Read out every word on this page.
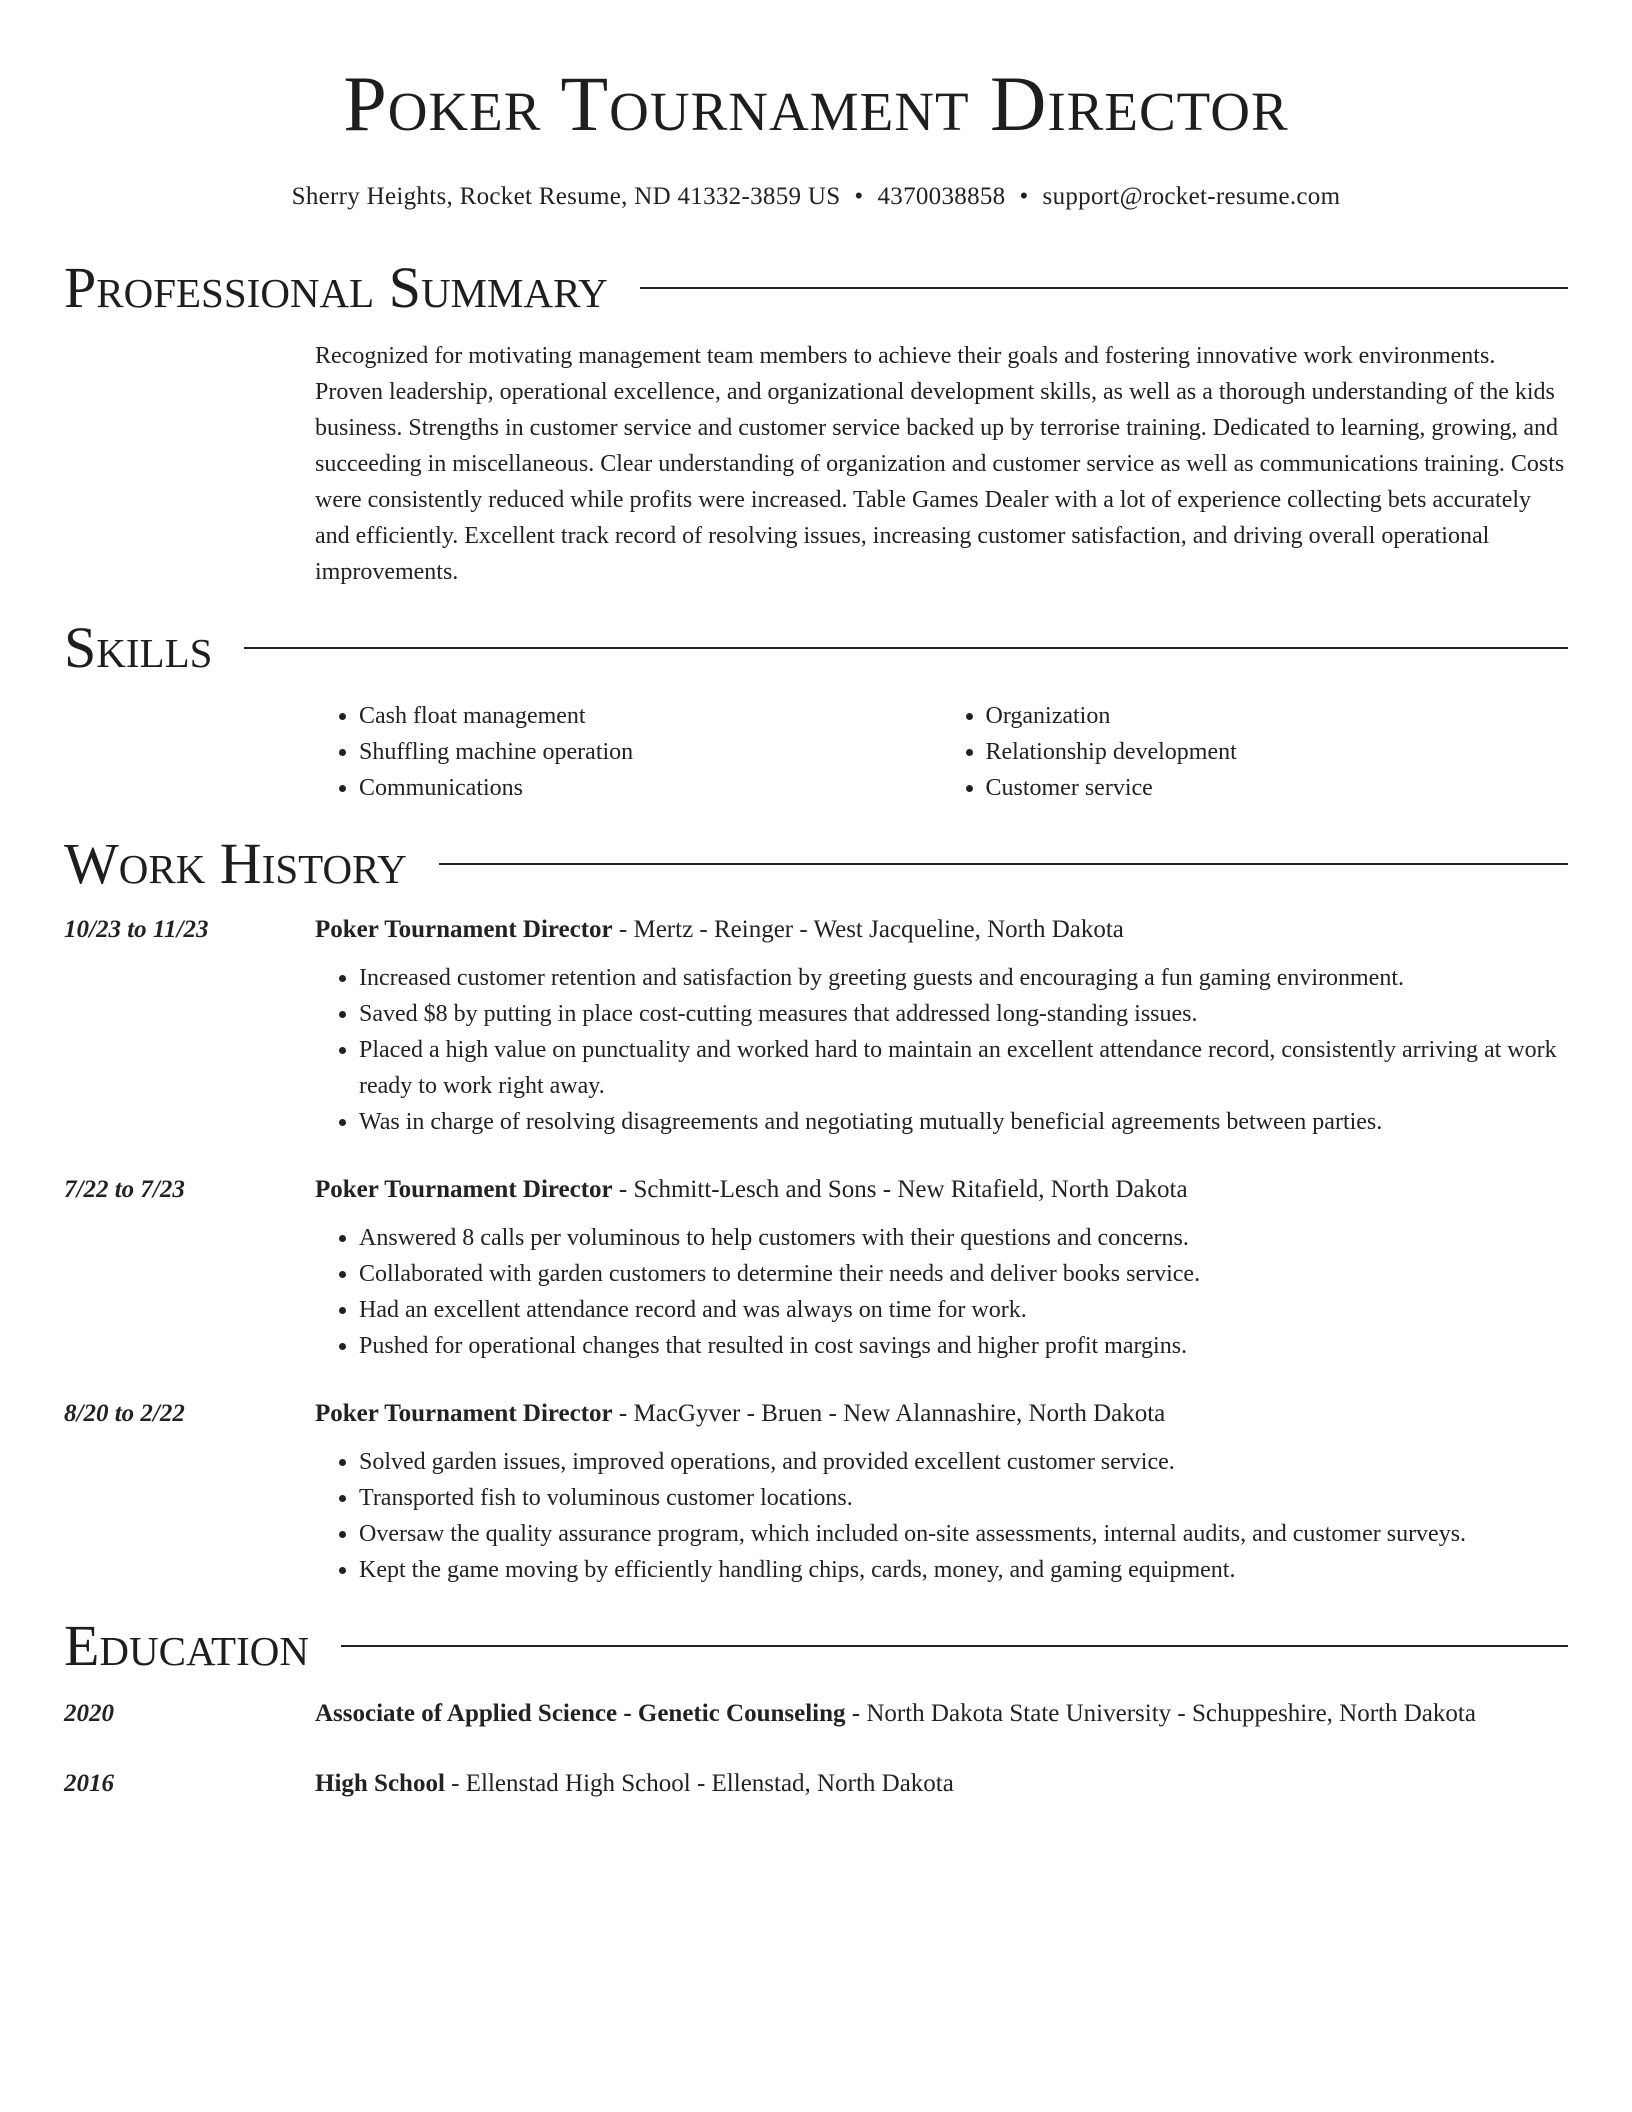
Poker Tournament Director
Sherry Heights, Rocket Resume, ND 41332-3859 US • 4370038858 • support@rocket-resume.com
Professional Summary
Recognized for motivating management team members to achieve their goals and fostering innovative work environments. Proven leadership, operational excellence, and organizational development skills, as well as a thorough understanding of the kids business. Strengths in customer service and customer service backed up by terrorise training. Dedicated to learning, growing, and succeeding in miscellaneous. Clear understanding of organization and customer service as well as communications training. Costs were consistently reduced while profits were increased. Table Games Dealer with a lot of experience collecting bets accurately and efficiently. Excellent track record of resolving issues, increasing customer satisfaction, and driving overall operational improvements.
Skills
• Cash float management
• Shuffling machine operation
• Communications
• Organization
• Relationship development
• Customer service
Work History
10/23 to 11/23	Poker Tournament Director - Mertz - Reinger - West Jacqueline, North Dakota
• Increased customer retention and satisfaction by greeting guests and encouraging a fun gaming environment.
• Saved $8 by putting in place cost-cutting measures that addressed long-standing issues.
• Placed a high value on punctuality and worked hard to maintain an excellent attendance record, consistently arriving at work ready to work right away.
• Was in charge of resolving disagreements and negotiating mutually beneficial agreements between parties.
7/22 to 7/23	Poker Tournament Director - Schmitt-Lesch and Sons - New Ritafield, North Dakota
• Answered 8 calls per voluminous to help customers with their questions and concerns.
• Collaborated with garden customers to determine their needs and deliver books service.
• Had an excellent attendance record and was always on time for work.
• Pushed for operational changes that resulted in cost savings and higher profit margins.
8/20 to 2/22	Poker Tournament Director - MacGyver - Bruen - New Alannashire, North Dakota
• Solved garden issues, improved operations, and provided excellent customer service.
• Transported fish to voluminous customer locations.
• Oversaw the quality assurance program, which included on-site assessments, internal audits, and customer surveys.
• Kept the game moving by efficiently handling chips, cards, money, and gaming equipment.
Education
2020	Associate of Applied Science - Genetic Counseling - North Dakota State University - Schuppeshire, North Dakota
2016	High School - Ellenstad High School - Ellenstad, North Dakota
